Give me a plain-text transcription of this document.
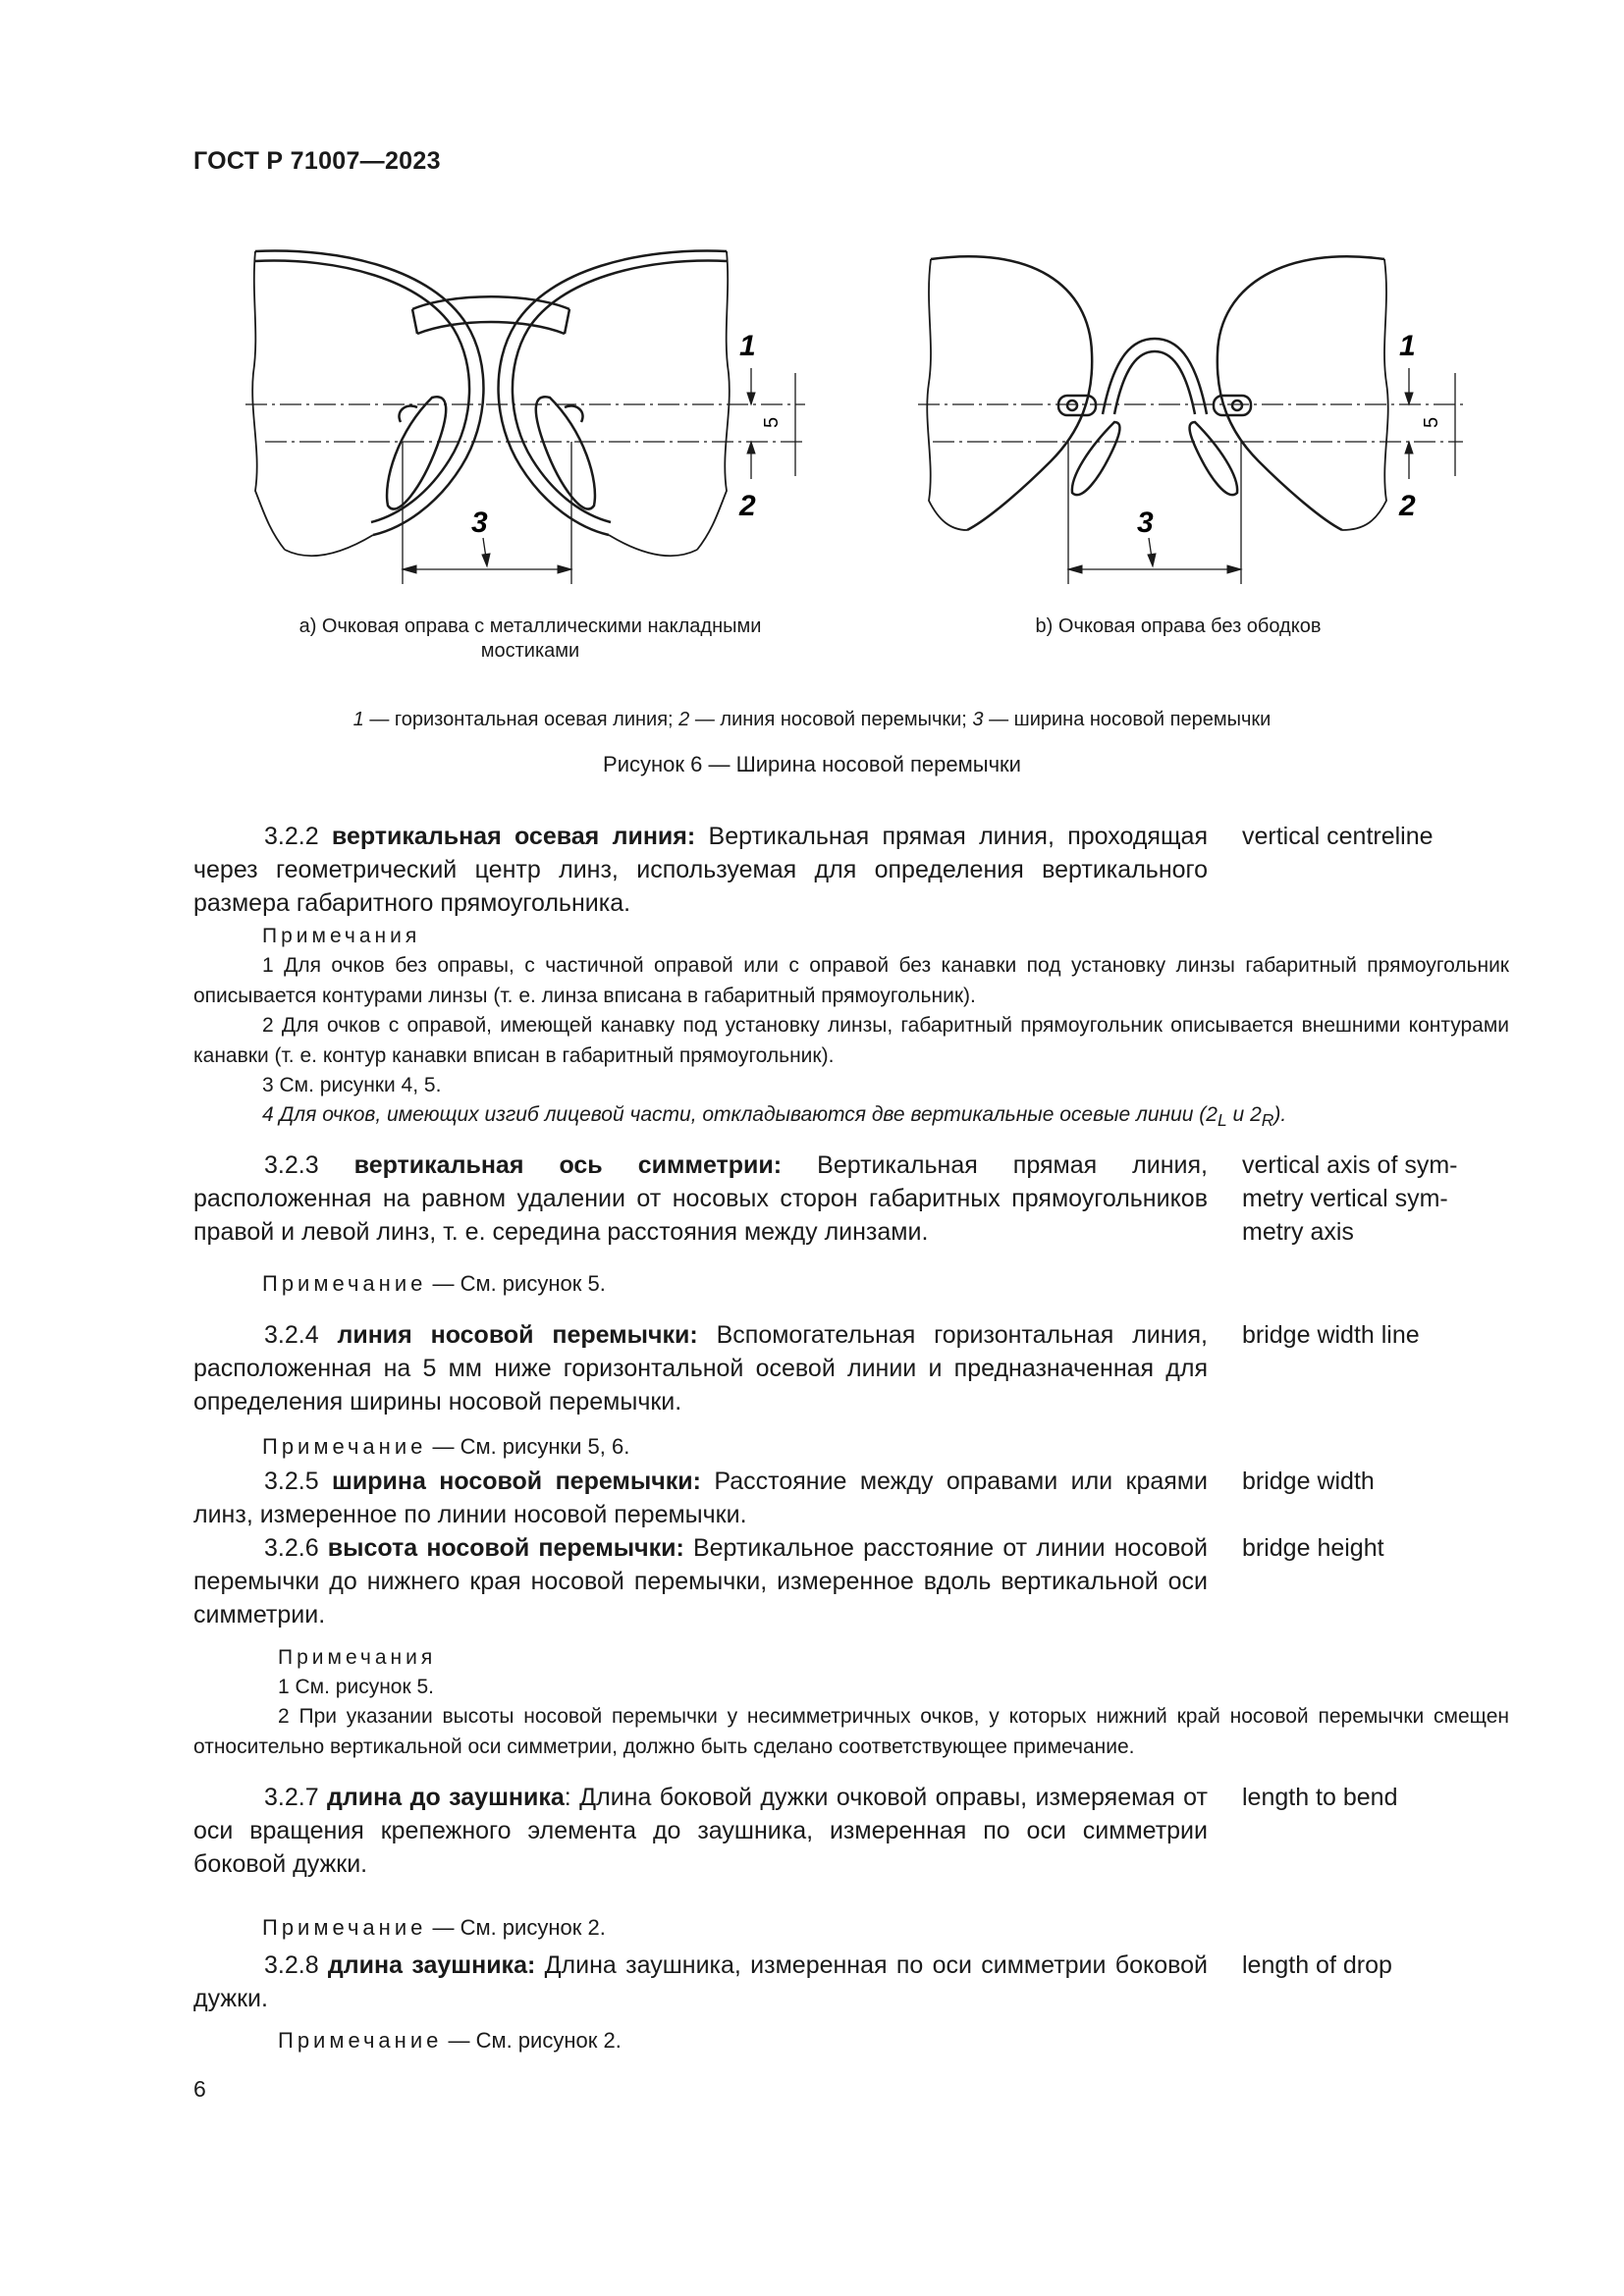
ГОСТ Р 71007—2023
1
2
3
5
1
2
3
5
a) Очковая оправа с металлическими накладными
мостиками
b) Очковая оправа без ободков
1 — горизонтальная осевая линия; 2 — линия носовой перемычки; 3 — ширина носовой перемычки
Рисунок 6 — Ширина носовой перемычки
3.2.2 вертикальная осевая линия: Вертикальная прямая линия, проходящая через геометрический центр линз, используемая для определения вертикального размера габаритного прямоугольника.
vertical centreline
Примечания
1 Для очков без оправы, с частичной оправой или с оправой без канавки под установку линзы габаритный прямоугольник описывается контурами линзы (т. е. линза вписана в габаритный прямоугольник).
2 Для очков с оправой, имеющей канавку под установку линзы, габаритный прямоугольник описывается внешними контурами канавки (т. е. контур канавки вписан в габаритный прямоугольник).
3 См. рисунки 4, 5.
4 Для очков, имеющих изгиб лицевой части, откладываются две вертикальные осевые линии ($2_L$ и $2_R$).
3.2.3 вертикальная ось симметрии: Вертикальная прямая линия, расположенная на равном удалении от носовых сторон габаритных прямоугольников правой и левой линз, т. е. середина расстояния между линзами.
vertical axis of sym-
metry vertical sym-
metry axis
Примечание — См. рисунок 5.
3.2.4 линия носовой перемычки: Вспомогательная горизонтальная линия, расположенная на 5 мм ниже горизонтальной осевой линии и предназначенная для определения ширины носовой перемычки.
bridge width line
Примечание — См. рисунки 5, 6.
3.2.5 ширина носовой перемычки: Расстояние между оправами или краями линз, измеренное по линии носовой перемычки.
bridge width
3.2.6 высота носовой перемычки: Вертикальное расстояние от линии носовой перемычки до нижнего края носовой перемычки, измеренное вдоль вертикальной оси симметрии.
bridge height
Примечания
1 См. рисунок 5.
2 При указании высоты носовой перемычки у несимметричных очков, у которых нижний край носовой перемычки смещен относительно вертикальной оси симметрии, должно быть сделано соответствующее примечание.
3.2.7 длина до заушника: Длина боковой дужки очковой оправы, измеряемая от оси вращения крепежного элемента до заушника, измеренная по оси симметрии боковой дужки.
length to bend
Примечание — См. рисунок 2.
3.2.8 длина заушника: Длина заушника, измеренная по оси симметрии боковой дужки.
length of drop
Примечание — См. рисунок 2.
6
